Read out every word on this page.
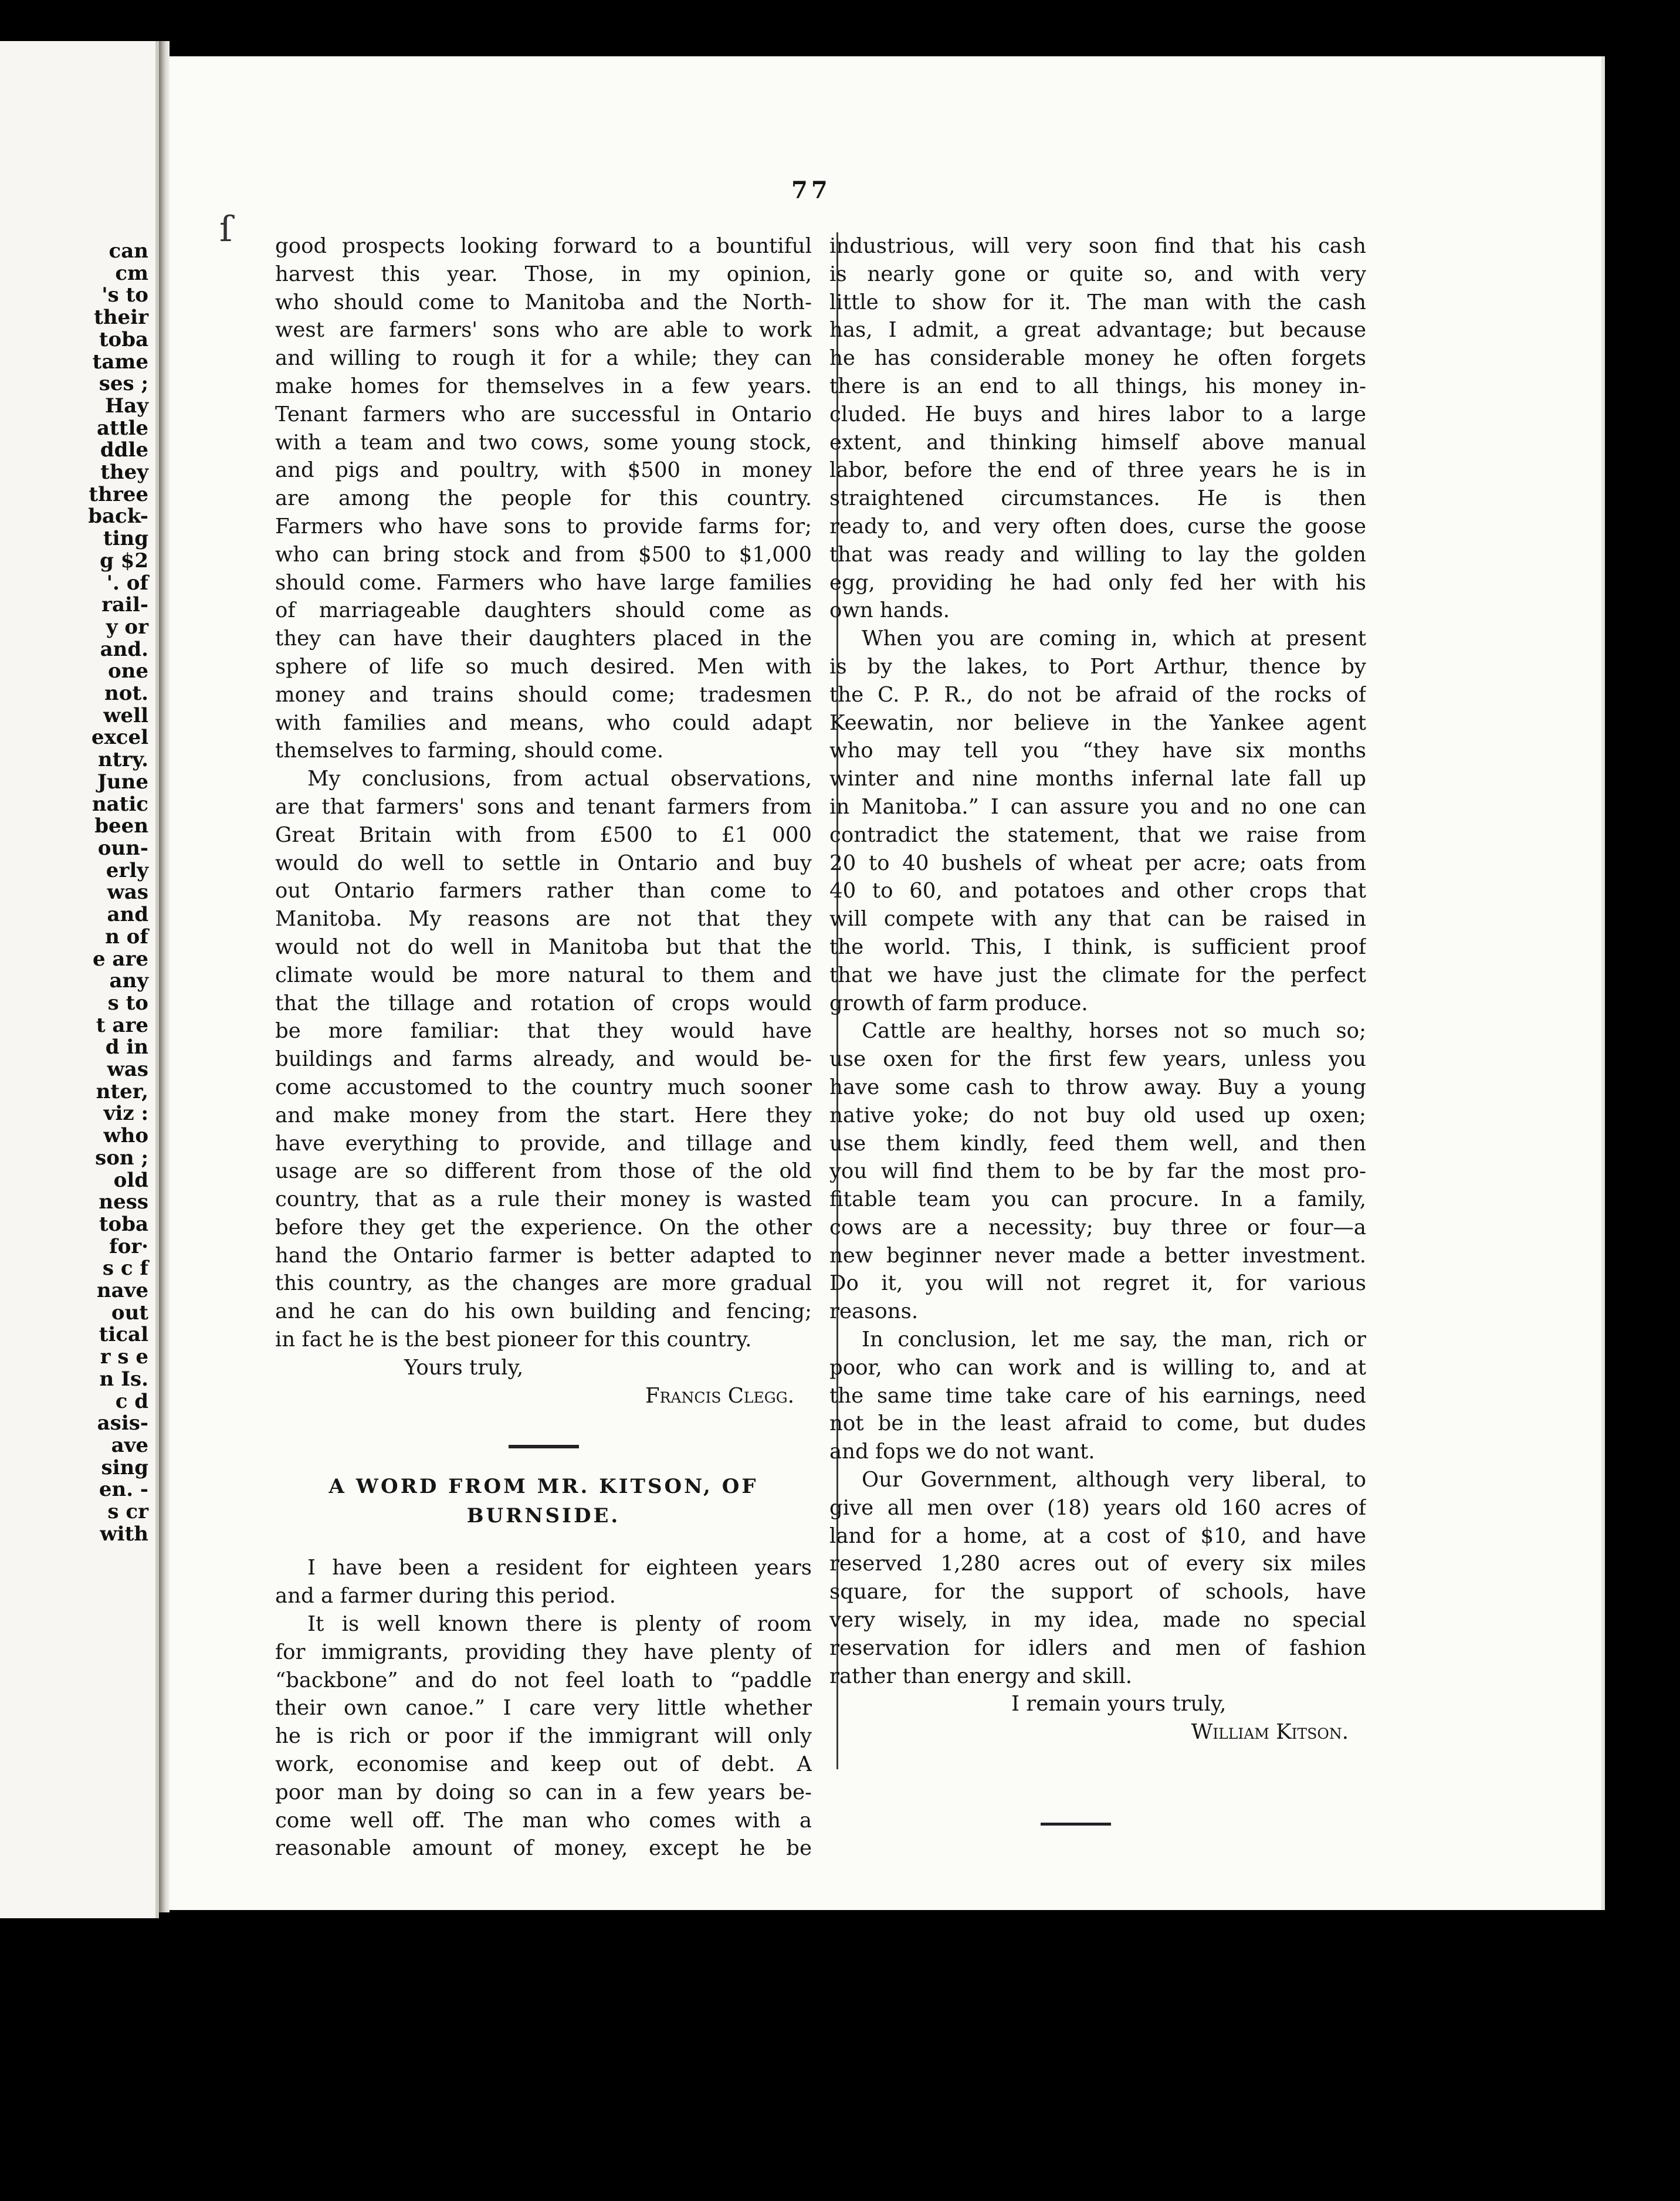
can
cm
's to
their
toba
tame
ses ;
Hay
attle
ddle
they
three
back-
ting
g $2
'. of
rail-
y or
and.
one
not.
well
excel
ntry.
June
natic
been
oun-
erly
was
and
n of
e are
any
s to
t are
d in
was
nter,
viz :
who
son ;
old
ness
toba
for·
s c f
nave
out
tical
r s e
n Is.
c d
asis-
ave
sing
en. -
s cr
with
ſ
77
good prospects looking forward to a bountiful
harvest this year. Those, in my opinion,
who should come to Manitoba and the North-
west are farmers' sons who are able to work
and willing to rough it for a while; they can
make homes for themselves in a few years.
Tenant farmers who are successful in Ontario
with a team and two cows, some young stock,
and pigs and poultry, with $500 in money
are among the people for this country.
Farmers who have sons to provide farms for;
who can bring stock and from $500 to $1,000
should come. Farmers who have large families
of marriageable daughters should come as
they can have their daughters placed in the
sphere of life so much desired. Men with
money and trains should come; tradesmen
with families and means, who could adapt
themselves to farming, should come.
My conclusions, from actual observations,
are that farmers' sons and tenant farmers from
Great Britain with from £500 to £1 000
would do well to settle in Ontario and buy
out Ontario farmers rather than come to
Manitoba. My reasons are not that they
would not do well in Manitoba but that the
climate would be more natural to them and
that the tillage and rotation of crops would
be more familiar: that they would have
buildings and farms already, and would be-
come accustomed to the country much sooner
and make money from the start. Here they
have everything to provide, and tillage and
usage are so different from those of the old
country, that as a rule their money is wasted
before they get the experience. On the other
hand the Ontario farmer is better adapted to
this country, as the changes are more gradual
and he can do his own building and fencing;
in fact he is the best pioneer for this country.
Yours truly,
Francis Clegg.
A WORD FROM MR. KITSON, OF
BURNSIDE.
I have been a resident for eighteen years
and a farmer during this period.
It is well known there is plenty of room
for immigrants, providing they have plenty of
“backbone” and do not feel loath to “paddle
their own canoe.” I care very little whether
he is rich or poor if the immigrant will only
work, economise and keep out of debt. A
poor man by doing so can in a few years be-
come well off. The man who comes with a
reasonable amount of money, except he be
industrious, will very soon find that his cash
is nearly gone or quite so, and with very
little to show for it. The man with the cash
has, I admit, a great advantage; but because
he has considerable money he often forgets
there is an end to all things, his money in-
cluded. He buys and hires labor to a large
extent, and thinking himself above manual
labor, before the end of three years he is in
straightened circumstances. He is then
ready to, and very often does, curse the goose
that was ready and willing to lay the golden
egg, providing he had only fed her with his
own hands.
When you are coming in, which at present
is by the lakes, to Port Arthur, thence by
the C. P. R., do not be afraid of the rocks of
Keewatin, nor believe in the Yankee agent
who may tell you “they have six months
winter and nine months infernal late fall up
in Manitoba.” I can assure you and no one can
contradict the statement, that we raise from
20 to 40 bushels of wheat per acre; oats from
40 to 60, and potatoes and other crops that
will compete with any that can be raised in
the world. This, I think, is sufficient proof
that we have just the climate for the perfect
growth of farm produce.
Cattle are healthy, horses not so much so;
use oxen for the first few years, unless you
have some cash to throw away. Buy a young
native yoke; do not buy old used up oxen;
use them kindly, feed them well, and then
you will find them to be by far the most pro-
fitable team you can procure. In a family,
cows are a necessity; buy three or four—a
new beginner never made a better investment.
Do it, you will not regret it, for various
reasons.
In conclusion, let me say, the man, rich or
poor, who can work and is willing to, and at
the same time take care of his earnings, need
not be in the least afraid to come, but dudes
and fops we do not want.
Our Government, although very liberal, to
give all men over (18) years old 160 acres of
land for a home, at a cost of $10, and have
reserved 1,280 acres out of every six miles
square, for the support of schools, have
very wisely, in my idea, made no special
reservation for idlers and men of fashion
rather than energy and skill.
I remain yours truly,
William Kitson.
